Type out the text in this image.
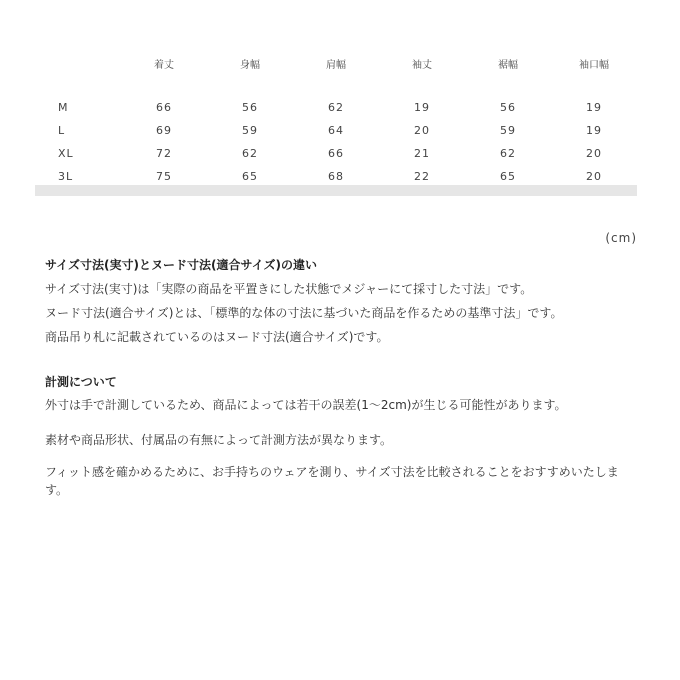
	着丈	身幅	肩幅	袖丈	裾幅	袖口幅

M	66	56	62	19	56	19
L	69	59	64	20	59	19
XL	72	62	66	21	62	20
3L	75	65	68	22	65	20
(cm)
サイズ寸法(実寸)とヌード寸法(適合サイズ)の違い
サイズ寸法(実寸)は「実際の商品を平置きにした状態でメジャーにて採寸した寸法」です。
ヌード寸法(適合サイズ)とは、「標準的な体の寸法に基づいた商品を作るための基準寸法」です。
商品吊り札に記載されているのはヌード寸法(適合サイズ)です。
計測について
外寸は手で計測しているため、商品によっては若干の誤差(1〜2cm)が生じる可能性があります。
素材や商品形状、付属品の有無によって計測方法が異なります。
フィット感を確かめるために、お手持ちのウェアを測り、サイズ寸法を比較されることをおすすめいたします。
